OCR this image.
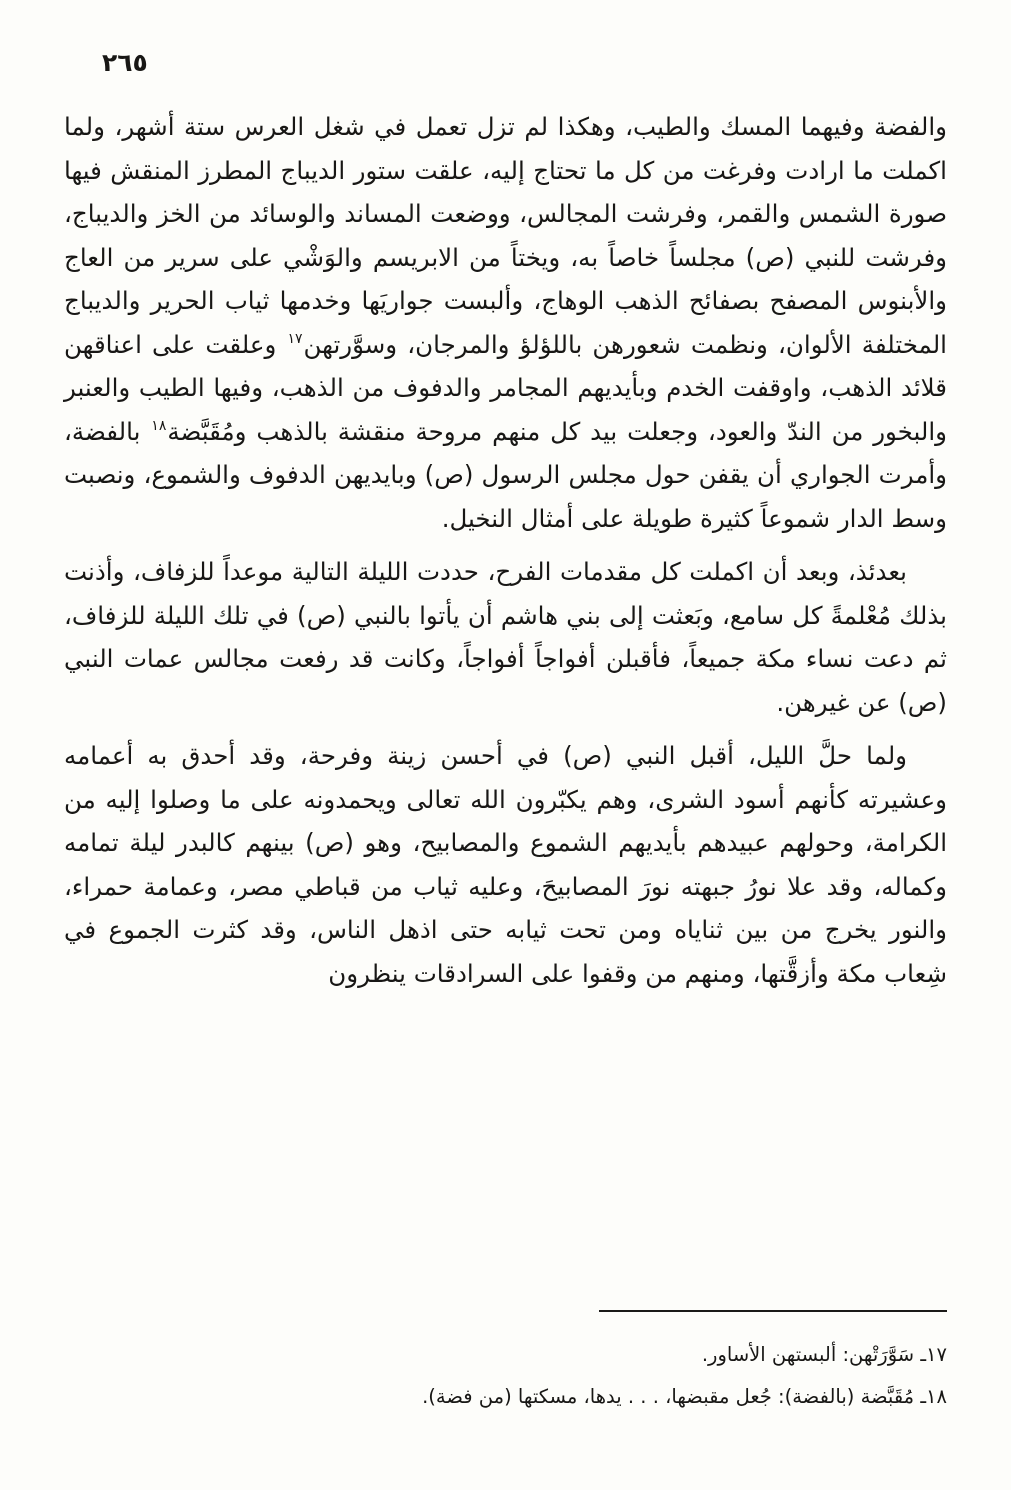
٢٦٥

والفضة وفيهما المسك والطيب، وهكذا لم تزل تعمل في شغل العرس ستة أشهر، ولما اكملت ما ارادت وفرغت من كل ما تحتاج إليه، علقت ستور الديباج المطرز المنقش فيها صورة الشمس والقمر، وفرشت المجالس، ووضعت المساند والوسائد من الخز والديباج، وفرشت للنبي (ص) مجلساً خاصاً به، ويختاً من الابريسم والوَشْي على سرير من العاج والأبنوس المصفح بصفائح الذهب الوهاج، وألبست جواريَها وخدمها ثياب الحرير والديباج المختلفة الألوان، ونظمت شعورهن باللؤلؤ والمرجان، وسوَّرتهن$^{١٧}$ وعلقت على اعناقهن قلائد الذهب، واوقفت الخدم وبأيديهم المجامر والدفوف من الذهب، وفيها الطيب والعنبر والبخور من الندّ والعود، وجعلت بيد كل منهم مروحة منقشة بالذهب ومُقَبَّضة$^{١٨}$ بالفضة، وأمرت الجواري أن يقفن حول مجلس الرسول (ص) وبايديهن الدفوف والشموع، ونصبت وسط الدار شموعاً كثيرة طويلة على أمثال النخيل.

بعدئذ، وبعد أن اكملت كل مقدمات الفرح، حددت الليلة التالية موعداً للزفاف، وأذنت بذلك مُعْلمةً كل سامع، وبَعثت إلى بني هاشم أن يأتوا بالنبي (ص) في تلك الليلة للزفاف، ثم دعت نساء مكة جميعاً، فأقبلن أفواجاً أفواجاً، وكانت قد رفعت مجالس عمات النبي (ص) عن غيرهن.

ولما حلَّ الليل، أقبل النبي (ص) في أحسن زينة وفرحة، وقد أحدق به أعمامه وعشيرته كأنهم أسود الشرى، وهم يكبّرون الله تعالى ويحمدونه على ما وصلوا إليه من الكرامة، وحولهم عبيدهم بأيديهم الشموع والمصابيح، وهو (ص) بينهم كالبدر ليلة تمامه وكماله، وقد علا نورُ جبهته نورَ المصابيحَ، وعليه ثياب من قباطي مصر، وعمامة حمراء، والنور يخرج من بين ثناياه ومن تحت ثيابه حتى اذهل الناس، وقد كثرت الجموع في شِعاب مكة وأزقَّتها، ومنهم من وقفوا على السرادقات ينظرون

١٧ـ سَوَّرَتْهن: ألبستهن الأساور.
١٨ـ مُقَبَّضة (بالفضة): جُعل مقبضها، . . . يدها، مسكتها (من فضة).
